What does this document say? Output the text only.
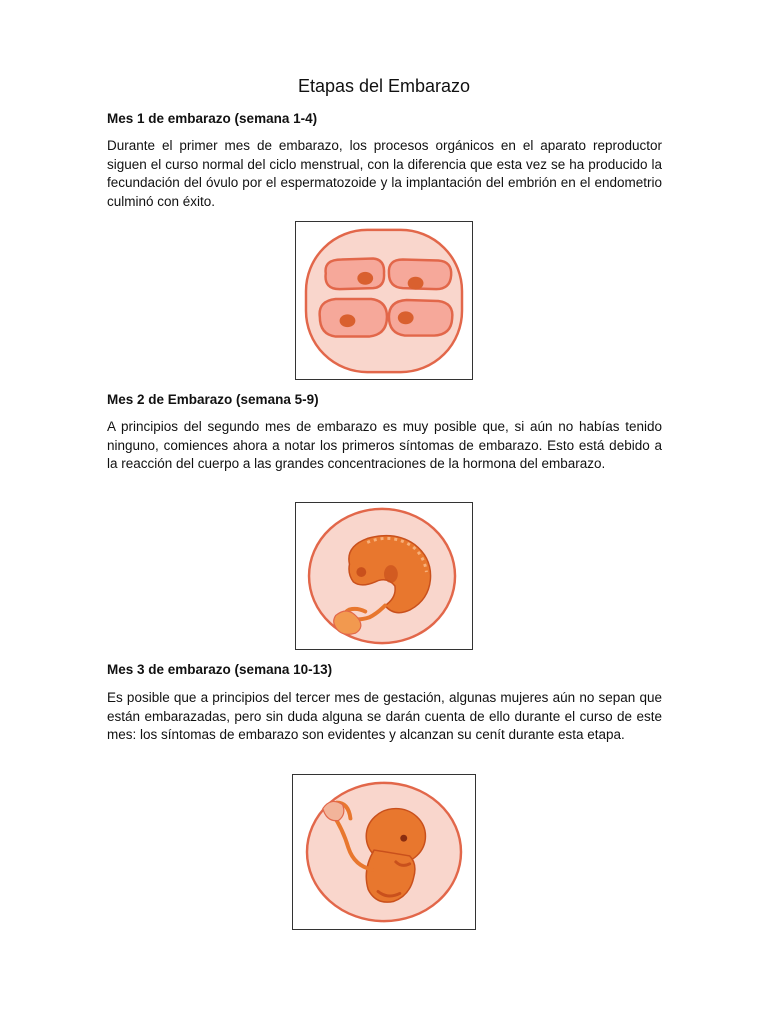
Etapas del Embarazo
Mes 1 de embarazo (semana 1-4)

Durante el primer mes de embarazo, los procesos orgánicos en el aparato reproductor siguen el curso normal del ciclo menstrual, con la diferencia que esta vez se ha producido la fecundación del óvulo por el espermatozoide y la implantación del embrión en el endometrio culminó con éxito.

Mes 2 de Embarazo (semana 5-9)

A principios del segundo mes de embarazo es muy posible que, si aún no habías tenido ninguno, comiences ahora a notar los primeros síntomas de embarazo. Esto está debido a la reacción del cuerpo a las grandes concentraciones de la hormona del embarazo.

Mes 3 de embarazo (semana 10-13)

Es posible que a principios del tercer mes de gestación, algunas mujeres aún no sepan que están embarazadas, pero sin duda alguna se darán cuenta de ello durante el curso de este mes: los síntomas de embarazo son evidentes y alcanzan su cenít durante esta etapa.
